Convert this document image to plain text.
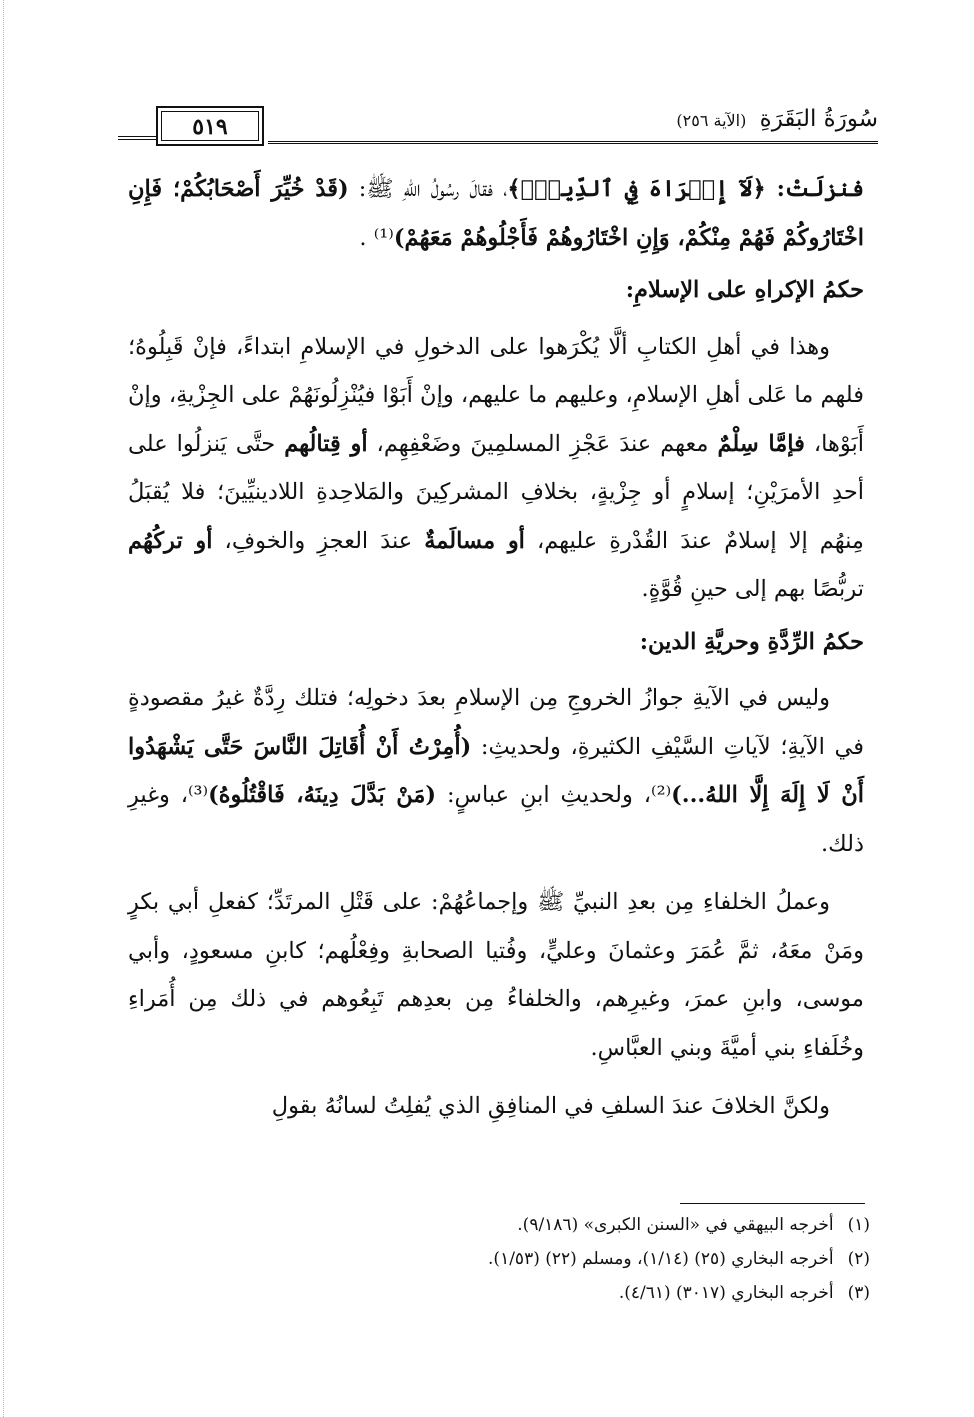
سُورَةُ البَقَرَةِ (الآية ٢٥٦)
٥١٩

فنزلَتْ: ﴿لَآ إِكۡرَاهَ فِي ٱلدِّينِۖ﴾، فقالَ رسُولُ اللهِ ﷺ: (قَدْ خُيِّرَ أَصْحَابُكُمْ؛ فَإِنِ اخْتَارُوكُمْ فَهُمْ مِنْكُمْ، وَإِنِ اخْتَارُوهُمْ فَأَجْلُوهُمْ مَعَهُمْ)⁽¹⁾ .

حكمُ الإكراهِ على الإسلامِ:

وهذا في أهلِ الكتابِ ألَّا يُكْرَهوا على الدخولِ في الإسلامِ ابتداءً، فإنْ قَبِلُوهُ؛ فلهم ما عَلى أهلِ الإسلامِ، وعليهم ما عليهم، وإنْ أَبَوْا فيُنْزِلُونَهُمْ على الجِزْيةِ، وإنْ أَبَوْها، فإمَّا سِلْمٌ معهم عندَ عَجْزِ المسلمِينَ وضَعْفِهِم، أو قِتالُهم حتَّى يَنزلُوا على أحدِ الأمرَيْنِ؛ إسلامٍ أو جِزْيةٍ، بخلافِ المشركِينَ والمَلاحِدةِ اللادينيِّينَ؛ فلا يُقبَلُ مِنهُم إلا إسلامٌ عندَ القُدْرةِ عليهم، أو مسالَمةٌ عندَ العجزِ والخوفِ، أو تركُهُم تربُّصًا بهم إلى حينِ قُوَّةٍ.

حكمُ الرِّدَّةِ وحريَّةِ الدين:

وليس في الآيةِ جوازُ الخروجِ مِن الإسلامِ بعدَ دخولِه؛ فتلك رِدَّةٌ غيرُ مقصودةٍ في الآيةِ؛ لآياتِ السَّيْفِ الكثيرةِ، ولحديثِ: (أُمِرْتُ أَنْ أُقَاتِلَ النَّاسَ حَتَّى يَشْهَدُوا أَنْ لَا إِلَهَ إِلَّا اللهُ...)⁽²⁾، ولحديثِ ابنِ عباسٍ: (مَنْ بَدَّلَ دِينَهُ، فَاقْتُلُوهُ)⁽³⁾، وغيرِ ذلك.

وعملُ الخلفاءِ مِن بعدِ النبيِّ ﷺ وإجماعُهُمْ: على قَتْلِ المرتَدِّ؛ كفعلِ أبي بكرٍ ومَنْ معَهُ، ثمَّ عُمَرَ وعثمانَ وعليٍّ، وفُتيا الصحابةِ وفِعْلُهم؛ كابنِ مسعودٍ، وأبي موسى، وابنِ عمرَ، وغيرِهم، والخلفاءُ مِن بعدِهم تَبِعُوهم في ذلك مِن أُمَراءِ وخُلَفاءِ بني أميَّةَ وبني العبَّاسِ.

ولكنَّ الخلافَ عندَ السلفِ في المنافِقِ الذي يُفلِتُ لسانُهُ بقولِ

(١)أخرجه البيهقي في «السنن الكبرى» (٩/١٨٦).
(٢)أخرجه البخاري (٢٥) (١/١٤)، ومسلم (٢٢) (١/٥٣).
(٣)أخرجه البخاري (٣٠١٧) (٤/٦١).
